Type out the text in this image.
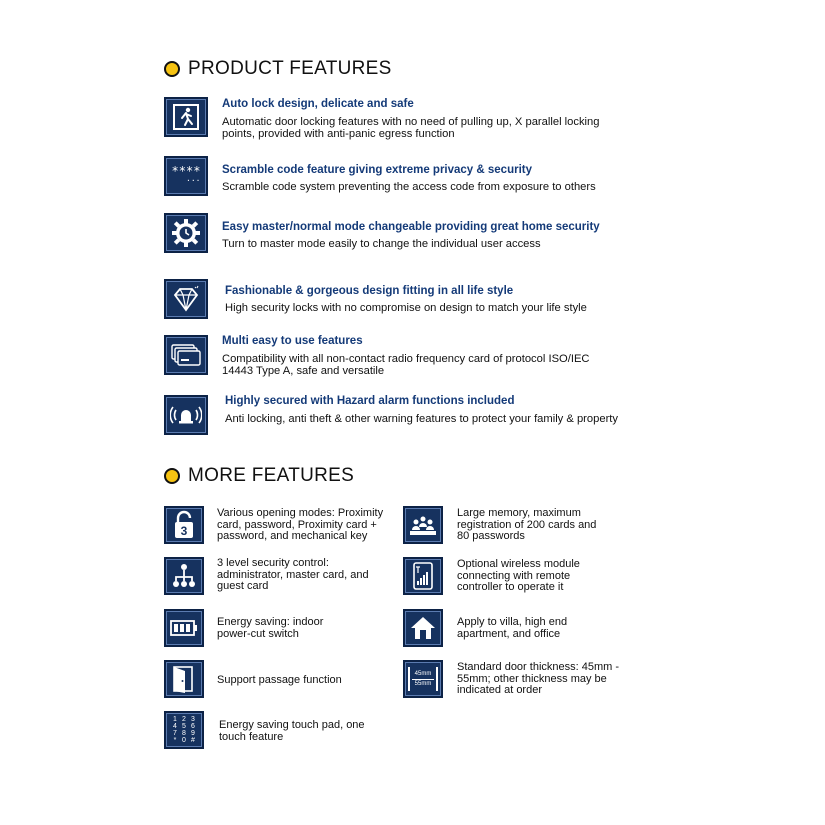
PRODUCT FEATURES
Auto lock design, delicate and safe
Automatic door locking features with no need of pulling up, X parallel locking points, provided with anti-panic egress function
****
···
Scramble code feature giving extreme privacy & security
Scramble code system preventing the access code from exposure to others
Easy master/normal mode changeable providing great home security
Turn to master mode easily to change the individual user access
Fashionable & gorgeous design fitting in all life style
High security locks with no compromise on design to match your life style
Multi easy to use features
Compatibility with all non-contact radio frequency card of protocol ISO/IEC 14443 Type A, safe and versatile
Highly secured with Hazard alarm functions included
Anti locking, anti theft & other warning features to protect your family & property
MORE FEATURES
3
Various opening modes: Proximity card, password, Proximity card + password, and mechanical key
3 level security control: administrator, master card, and guest card
Energy saving: indoor power-cut switch
Support passage function
1 2 3
4 5 6
7 8 9
* 0 #
Energy saving touch pad, one touch feature
Large memory, maximum registration of 200 cards and 80 passwords
Optional wireless module connecting with remote controller to operate it
Apply to villa, high end apartment, and office
45mm
55mm
Standard door thickness: 45mm - 55mm; other thickness may be indicated at order
